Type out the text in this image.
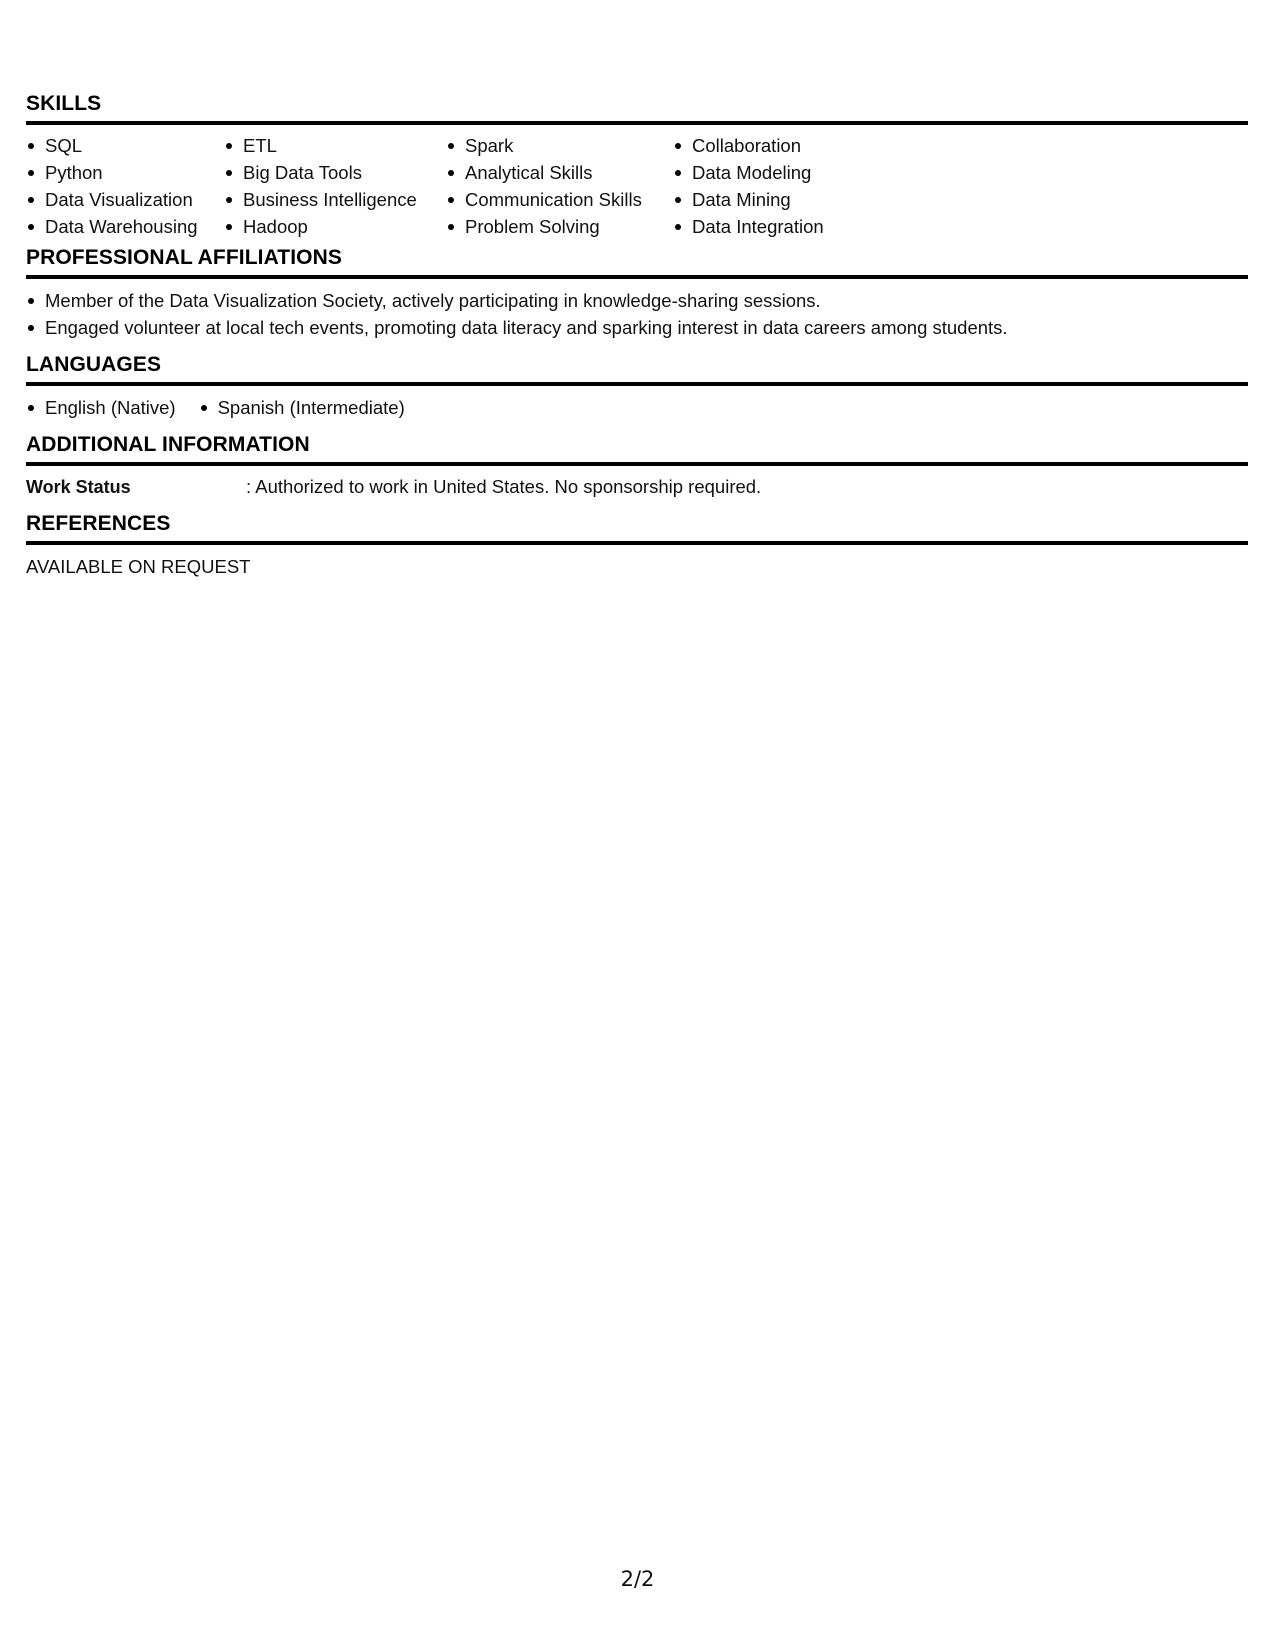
SKILLS
SQL
Python
Data Visualization
Data Warehousing
ETL
Big Data Tools
Business Intelligence
Hadoop
Spark
Analytical Skills
Communication Skills
Problem Solving
Collaboration
Data Modeling
Data Mining
Data Integration
PROFESSIONAL AFFILIATIONS
Member of the Data Visualization Society, actively participating in knowledge-sharing sessions.
Engaged volunteer at local tech events, promoting data literacy and sparking interest in data careers among students.
LANGUAGES
English (Native)	Spanish (Intermediate)
ADDITIONAL INFORMATION
Work Status	: Authorized to work in United States. No sponsorship required.
REFERENCES
AVAILABLE ON REQUEST
2/2
